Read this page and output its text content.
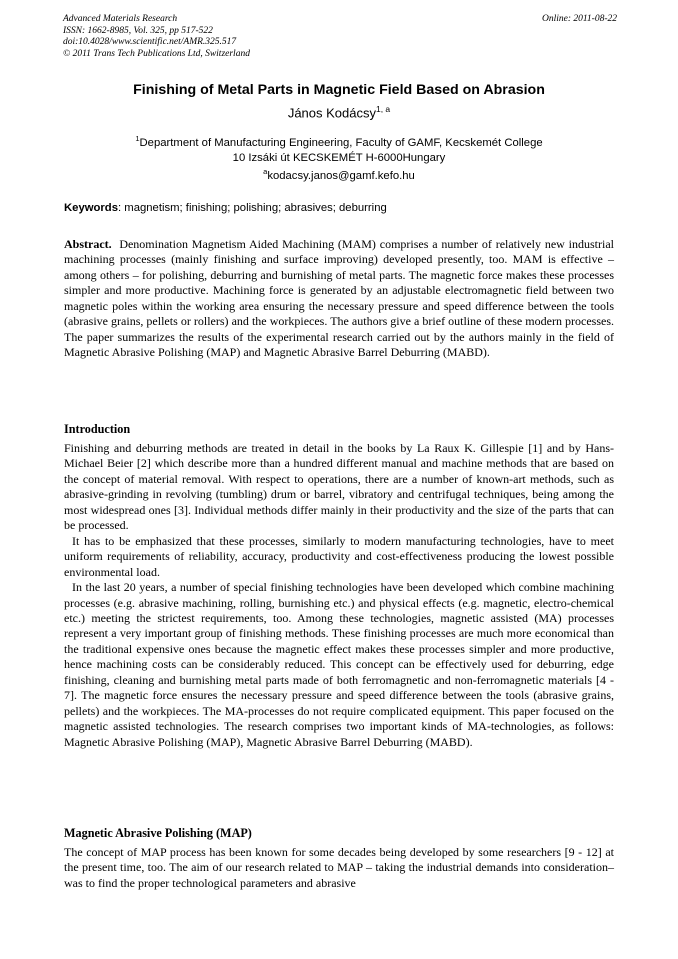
Advanced Materials Research
ISSN: 1662-8985, Vol. 325, pp 517-522
doi:10.4028/www.scientific.net/AMR.325.517
© 2011 Trans Tech Publications Ltd, Switzerland
Online: 2011-08-22
Finishing of Metal Parts in Magnetic Field Based on Abrasion
János Kodácsy$^{1, a}$
$^1$Department of Manufacturing Engineering, Faculty of GAMF, Kecskemét College
10 Izsáki út KECSKEMÉT H-6000Hungary
$^a$kodacsy.janos@gamf.kefo.hu
Keywords: magnetism; finishing; polishing; abrasives; deburring

Abstract. Denomination Magnetism Aided Machining (MAM) comprises a number of relatively new industrial machining processes (mainly finishing and surface improving) developed presently, too. MAM is effective – among others – for polishing, deburring and burnishing of metal parts. The magnetic force makes these processes simpler and more productive. Machining force is generated by an adjustable electromagnetic field between two magnetic poles within the working area ensuring the necessary pressure and speed difference between the tools (abrasive grains, pellets or rollers) and the workpieces. The authors give a brief outline of these modern processes. The paper summarizes the results of the experimental research carried out by the authors mainly in the field of Magnetic Abrasive Polishing (MAP) and Magnetic Abrasive Barrel Deburring (MABD).

Introduction

Finishing and deburring methods are treated in detail in the books by La Raux K. Gillespie [1] and by Hans-Michael Beier [2] which describe more than a hundred different manual and machine methods that are based on the concept of material removal. With respect to operations, there are a number of known-art methods, such as abrasive-grinding in revolving (tumbling) drum or barrel, vibratory and centrifugal techniques, being among the most widespread ones [3]. Individual methods differ mainly in their productivity and the size of the parts that can be processed.

It has to be emphasized that these processes, similarly to modern manufacturing technologies, have to meet uniform requirements of reliability, accuracy, productivity and cost-effectiveness producing the lowest possible environmental load.

In the last 20 years, a number of special finishing technologies have been developed which combine machining processes (e.g. abrasive machining, rolling, burnishing etc.) and physical effects (e.g. magnetic, electro-chemical etc.) meeting the strictest requirements, too. Among these technologies, magnetic assisted (MA) processes represent a very important group of finishing methods. These finishing processes are much more economical than the traditional expensive ones because the magnetic effect makes these processes simpler and more productive, hence machining costs can be considerably reduced. This concept can be effectively used for deburring, edge finishing, cleaning and burnishing metal parts made of both ferromagnetic and non-ferromagnetic materials [4 - 7]. The magnetic force ensures the necessary pressure and speed difference between the tools (abrasive grains, pellets) and the workpieces. The MA-processes do not require complicated equipment. This paper focused on the magnetic assisted technologies. The research comprises two important kinds of MA-technologies, as follows: Magnetic Abrasive Polishing (MAP), Magnetic Abrasive Barrel Deburring (MABD).

Magnetic Abrasive Polishing (MAP)

The concept of MAP process has been known for some decades being developed by some researchers [9 - 12] at the present time, too. The aim of our research related to MAP – taking the industrial demands into consideration– was to find the proper technological parameters and abrasive
